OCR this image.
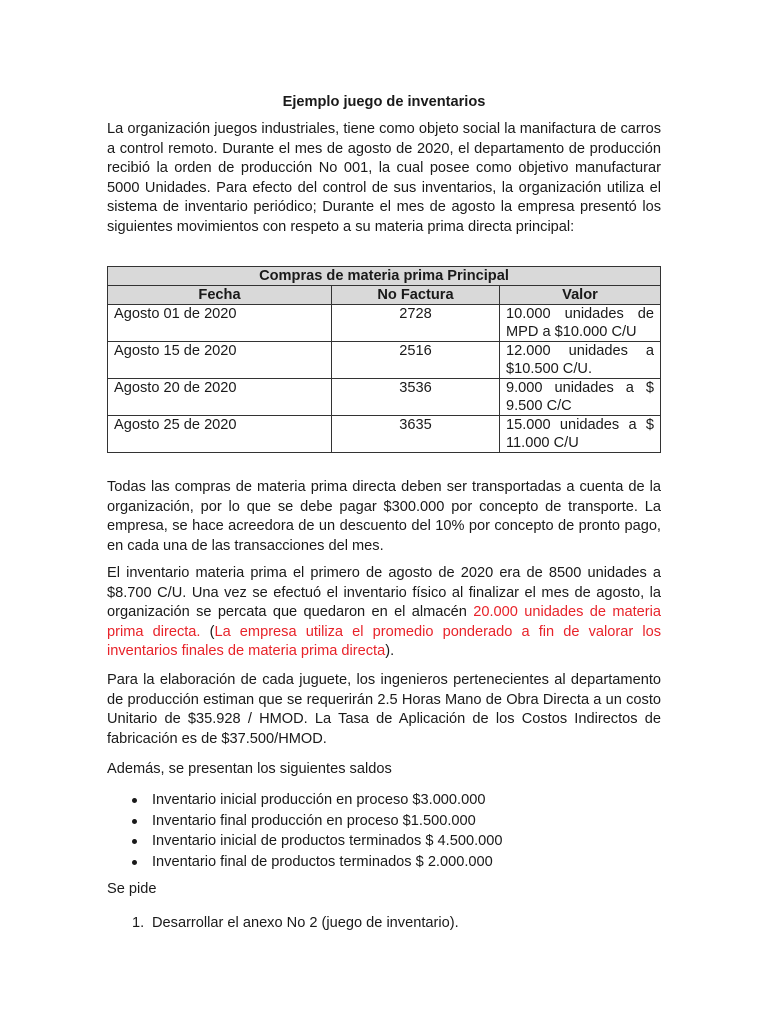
Ejemplo juego de inventarios

La organización juegos industriales, tiene como objeto social la manifactura de carros a control remoto. Durante el mes de agosto de 2020, el departamento de producción recibió la orden de producción No 001, la cual posee como objetivo manufacturar 5000 Unidades. Para efecto del control de sus inventarios, la organización utiliza el sistema de inventario periódico; Durante el mes de agosto la empresa presentó los siguientes movimientos con respeto a su materia prima directa principal:

Compras de materia prima Principal		
Fecha	No Factura	Valor
Agosto 01 de 2020	2728	10.000 unidades de MPD a $10.000 C/U
Agosto 15 de 2020	2516	12.000 unidades a $10.500 C/U.
Agosto 20 de 2020	3536	9.000 unidades a $ 9.500 C/C
Agosto 25 de 2020	3635	15.000 unidades a $ 11.000 C/U

Todas las compras de materia prima directa deben ser transportadas a cuenta de la organización, por lo que se debe pagar $300.000 por concepto de transporte. La empresa, se hace acreedora de un descuento del 10% por concepto de pronto pago, en cada una de las transacciones del mes.

El inventario materia prima el primero de agosto de 2020 era de 8500 unidades a $8.700 C/U. Una vez se efectuó el inventario físico al finalizar el mes de agosto, la organización se percata que quedaron en el almacén 20.000 unidades de materia prima directa. (La empresa utiliza el promedio ponderado a fin de valorar los inventarios finales de materia prima directa).

Para la elaboración de cada juguete, los ingenieros pertenecientes al departamento de producción estiman que se requerirán 2.5 Horas Mano de Obra Directa a un costo Unitario de $35.928 / HMOD. La Tasa de Aplicación de los Costos Indirectos de fabricación es de $37.500/HMOD.

Además, se presentan los siguientes saldos

Inventario inicial producción en proceso $3.000.000
Inventario final producción en proceso $1.500.000
Inventario inicial de productos terminados $ 4.500.000
Inventario final de productos terminados $ 2.000.000

Se pide

1. Desarrollar el anexo No 2 (juego de inventario).
